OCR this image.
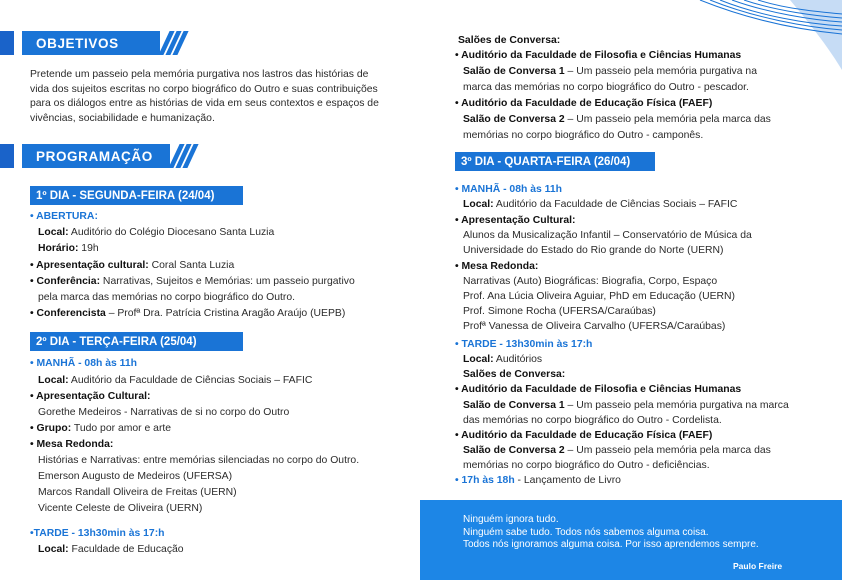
OBJETIVOS
Pretende um passeio pela memória purgativa nos lastros das histórias de
vida dos sujeitos escritas no corpo biográfico do Outro e suas contribuições
para os diálogos entre as histórias de vida em seus contextos e espaços de
vivências, sociabilidade e humanização.
PROGRAMAÇÃO
1º DIA - SEGUNDA-FEIRA (24/04)
• ABERTURA:
Local: Auditório do Colégio Diocesano Santa Luzia
Horário: 19h
• Apresentação cultural: Coral Santa Luzia
• Conferência: Narrativas, Sujeitos e Memórias: um passeio purgativo
pela marca das memórias no corpo biográfico do Outro.
• Conferencista – Profª Dra. Patrícia Cristina Aragão Araújo (UEPB)
2º DIA - TERÇA-FEIRA (25/04)
• MANHÃ - 08h às 11h
Local: Auditório da Faculdade de Ciências Sociais – FAFIC
• Apresentação Cultural:
Gorethe Medeiros - Narrativas de si no corpo do Outro
• Grupo: Tudo por amor e arte
• Mesa Redonda:
Histórias e Narrativas: entre memórias silenciadas no corpo do Outro.
Emerson Augusto de Medeiros (UFERSA)
Marcos Randall Oliveira de Freitas (UERN)
Vicente Celeste de Oliveira (UERN)
•TARDE - 13h30min às 17:h
Local: Faculdade de Educação
Salões de Conversa:
• Auditório da Faculdade de Filosofia e Ciências Humanas
Salão de Conversa 1 – Um passeio pela memória purgativa na
marca das memórias no corpo biográfico do Outro - pescador.
• Auditório da Faculdade de Educação Física (FAEF)
Salão de Conversa 2 – Um passeio pela memória pela marca das
memórias no corpo biográfico do Outro - camponês.
3º DIA - QUARTA-FEIRA (26/04)
• MANHÃ - 08h às 11h
Local: Auditório da Faculdade de Ciências Sociais – FAFIC
• Apresentação Cultural:
Alunos da Musicalização Infantil – Conservatório de Música da
Universidade do Estado do Rio grande do Norte (UERN)
• Mesa Redonda:
Narrativas (Auto) Biográficas: Biografia, Corpo, Espaço
Prof. Ana Lúcia Oliveira Aguiar, PhD em Educação (UERN)
Prof. Simone Rocha (UFERSA/Caraúbas)
Profª Vanessa de Oliveira Carvalho (UFERSA/Caraúbas)
• TARDE - 13h30min às 17:h
Local: Auditórios
Salões de Conversa:
• Auditório da Faculdade de Filosofia e Ciências Humanas
Salão de Conversa 1 – Um passeio pela memória purgativa na marca
das memórias no corpo biográfico do Outro - Cordelista.
• Auditório da Faculdade de Educação Física (FAEF)
Salão de Conversa 2 – Um passeio pela memória pela marca das
memórias no corpo biográfico do Outro - deficiências.
• 17h às 18h - Lançamento de Livro
Ninguém ignora tudo.
Ninguém sabe tudo. Todos nós sabemos alguma coisa.
Todos nós ignoramos alguma coisa. Por isso aprendemos sempre.
Paulo Freire
